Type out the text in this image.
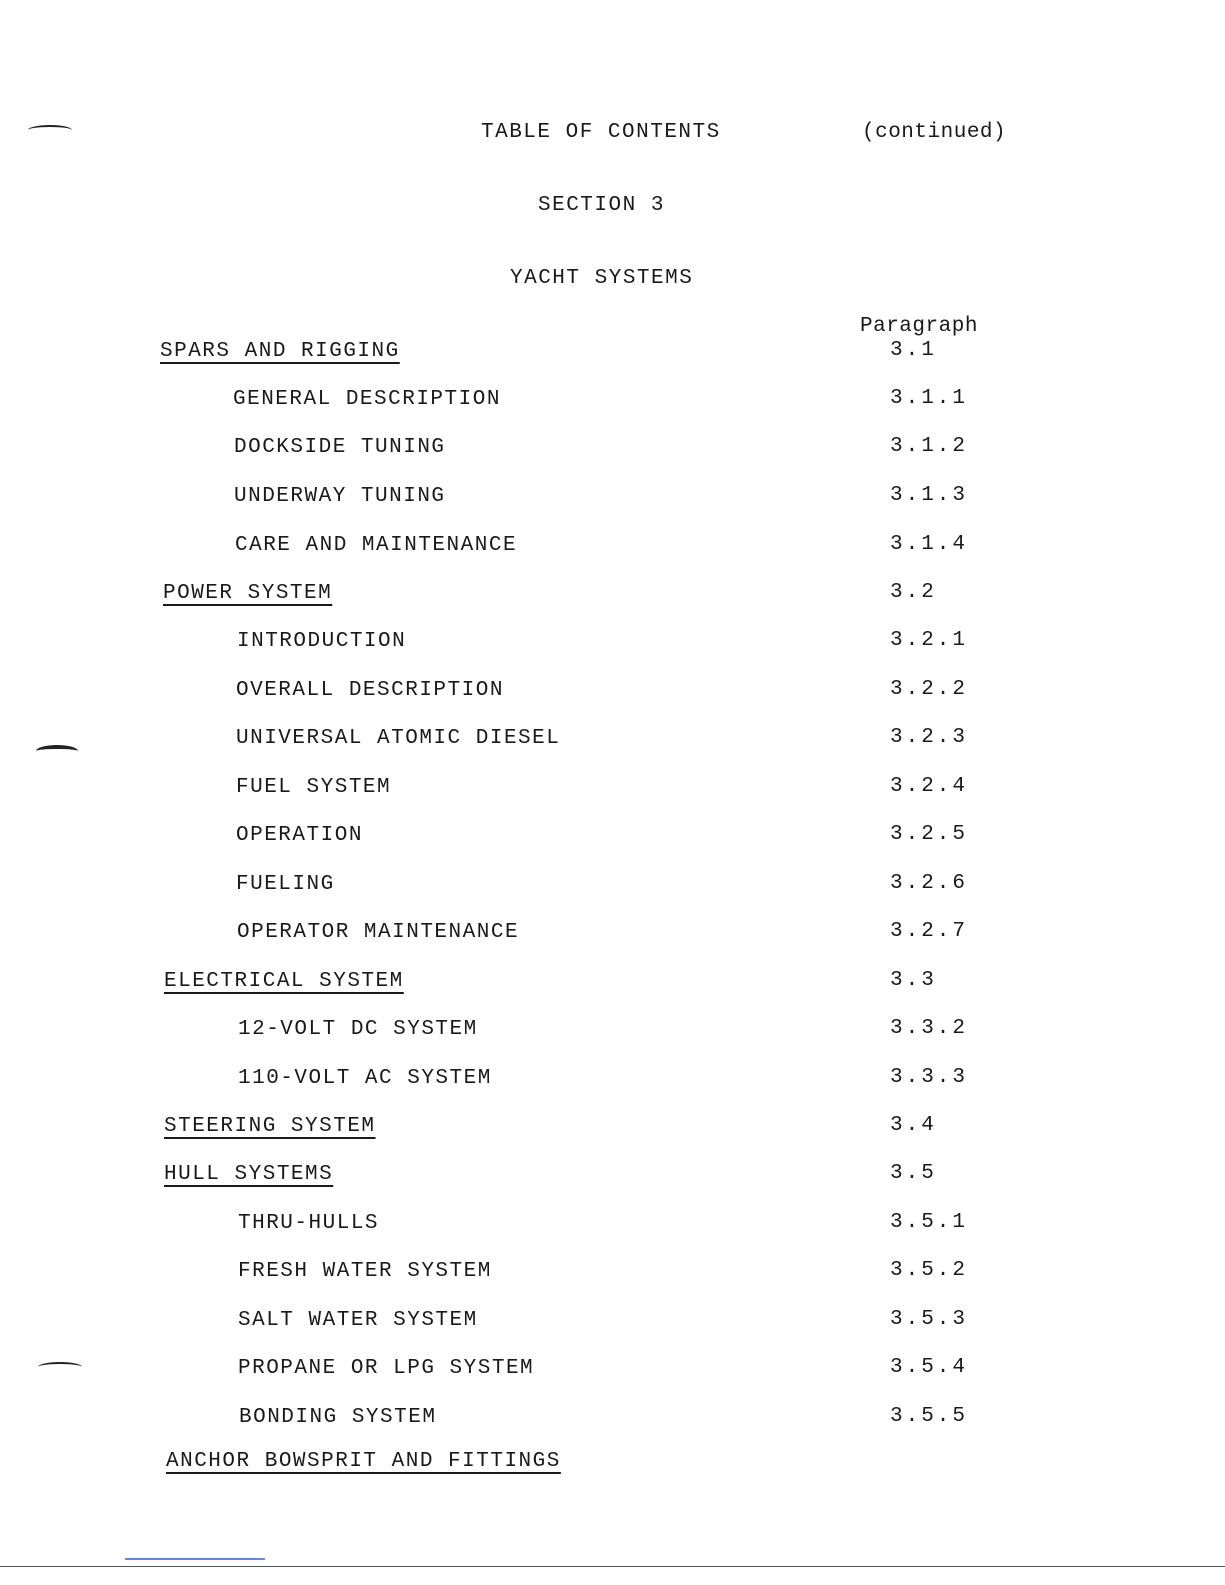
TABLE OF CONTENTS	(continued)
SECTION 3
YACHT SYSTEMS
Paragraph
SPARS AND RIGGING	3.1
GENERAL DESCRIPTION	3.1.1
DOCKSIDE TUNING	3.1.2
UNDERWAY TUNING	3.1.3
CARE AND MAINTENANCE	3.1.4
POWER SYSTEM	3.2
INTRODUCTION	3.2.1
OVERALL DESCRIPTION	3.2.2
UNIVERSAL ATOMIC DIESEL	3.2.3
FUEL SYSTEM	3.2.4
OPERATION	3.2.5
FUELING	3.2.6
OPERATOR MAINTENANCE	3.2.7
ELECTRICAL SYSTEM	3.3
12-VOLT DC SYSTEM	3.3.2
110-VOLT AC SYSTEM	3.3.3
STEERING SYSTEM	3.4
HULL SYSTEMS	3.5
THRU-HULLS	3.5.1
FRESH WATER SYSTEM	3.5.2
SALT WATER SYSTEM	3.5.3
PROPANE OR LPG SYSTEM	3.5.4
BONDING SYSTEM	3.5.5
ANCHOR BOWSPRIT AND FITTINGS
